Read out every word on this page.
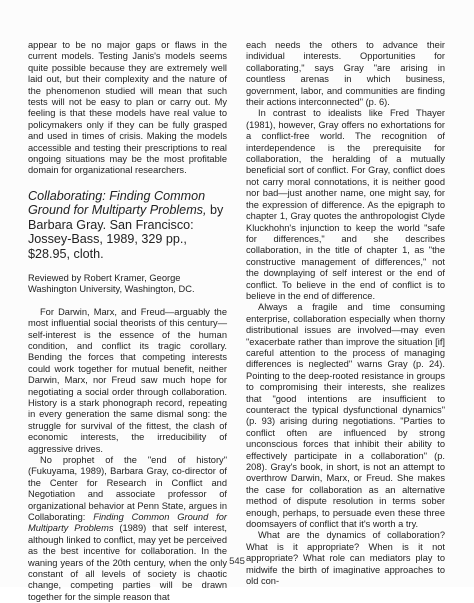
appear to be no major gaps or flaws in the current models. Testing Janis's models seems quite possible because they are extremely well laid out, but their complexity and the nature of the phenomenon studied will mean that such tests will not be easy to plan or carry out. My feeling is that these models have real value to policymakers only if they can be fully grasped and used in times of crisis. Making the models accessible and testing their prescriptions to real ongoing situations may be the most profitable domain for organizational researchers.

Collaborating: Finding Common Ground for Multiparty Problems, by Barbara Gray. San Francisco: Jossey-Bass, 1989, 329 pp., $28.95, cloth.

Reviewed by Robert Kramer, George Washington University, Washington, DC.

For Darwin, Marx, and Freud—arguably the most influential social theorists of this century—self-interest is the essence of the human condition, and conflict its tragic corollary. Bending the forces that competing interests could work together for mutual benefit, neither Darwin, Marx, nor Freud saw much hope for negotiating a social order through collaboration. History is a stark phonograph record, repeating in every generation the same dismal song: the struggle for survival of the fittest, the clash of economic interests, the irreducibility of aggressive drives.

No prophet of the "end of history" (Fukuyama, 1989), Barbara Gray, co-director of the Center for Research in Conflict and Negotiation and associate professor of organizational behavior at Penn State, argues in Collaborating: Finding Common Ground for Multiparty Problems (1989) that self interest, although linked to conflict, may yet be perceived as the best incentive for collaboration. In the waning years of the 20th century, when the only constant of all levels of society is chaotic change, competing parties will be drawn together for the simple reason that

each needs the others to advance their individual interests. Opportunities for collaborating," says Gray "are arising in countless arenas in which business, government, labor, and communities are finding their actions interconnected" (p. 6).

In contrast to idealists like Fred Thayer (1981), however, Gray offers no exhortations for a conflict-free world. The recognition of interdependence is the prerequisite for collaboration, the heralding of a mutually beneficial sort of conflict. For Gray, conflict does not carry moral connotations, it is neither good nor bad—just another name, one might say, for the expression of difference. As the epigraph to chapter 1, Gray quotes the anthropologist Clyde Kluckhohn's injunction to keep the world "safe for differences," and she describes collaboration, in the title of chapter 1, as "the constructive management of differences," not the downplaying of self interest or the end of conflict. To believe in the end of conflict is to believe in the end of difference.

Always a fragile and time consuming enterprise, collaboration especially when thorny distributional issues are involved—may even "exacerbate rather than improve the situation [if] careful attention to the process of managing differences is neglected" warns Gray (p. 24). Pointing to the deep-rooted resistance in groups to compromising their interests, she realizes that "good intentions are insufficient to counteract the typical dysfunctional dynamics" (p. 93) arising during negotiations. "Parties to conflict often are influenced by strong unconscious forces that inhibit their ability to effectively participate in a collaboration" (p. 208). Gray's book, in short, is not an attempt to overthrow Darwin, Marx, or Freud. She makes the case for collaboration as an alternative method of dispute resolution in terms sober enough, perhaps, to persuade even these three doomsayers of conflict that it's worth a try.

What are the dynamics of collaboration? What is it appropriate? When is it not appropriate? What role can mediators play to midwife the birth of imaginative approaches to old con-

545
